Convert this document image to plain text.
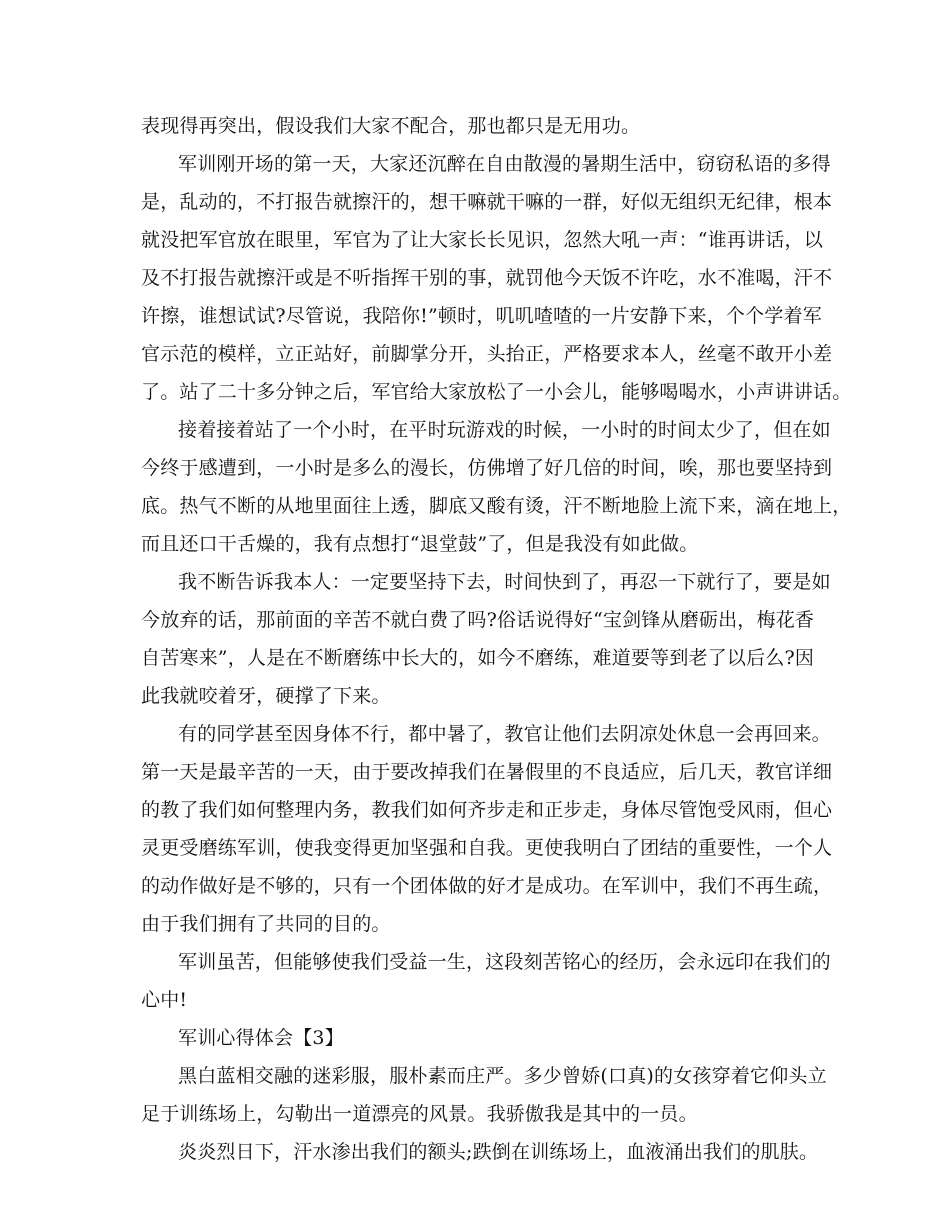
表现得再突出，假设我们大家不配合，那也都只是无用功。
军训刚开场的第一天，大家还沉醉在自由散漫的暑期生活中，窃窃私语的多得
是，乱动的，不打报告就擦汗的，想干嘛就干嘛的一群，好似无组织无纪律，根本
就没把军官放在眼里，军官为了让大家长长见识，忽然大吼一声：“谁再讲话，以
及不打报告就擦汗或是不听指挥干别的事，就罚他今天饭不许吃，水不准喝，汗不
许擦，谁想试试?尽管说，我陪你!”顿时，叽叽喳喳的一片安静下来，个个学着军
官示范的模样，立正站好，前脚掌分开，头抬正，严格要求本人，丝毫不敢开小差
了。站了二十多分钟之后，军官给大家放松了一小会儿，能够喝喝水，小声讲讲话。
接着接着站了一个小时，在平时玩游戏的时候，一小时的时间太少了，但在如
今终于感遭到，一小时是多么的漫长，仿佛增了好几倍的时间，唉，那也要坚持到
底。热气不断的从地里面往上透，脚底又酸有烫，汗不断地脸上流下来，滴在地上，
而且还口干舌燥的，我有点想打“退堂鼓”了，但是我没有如此做。
我不断告诉我本人：一定要坚持下去，时间快到了，再忍一下就行了，要是如
今放弃的话，那前面的辛苦不就白费了吗?俗话说得好“宝剑锋从磨砺出，梅花香
自苦寒来”，人是在不断磨练中长大的，如今不磨练，难道要等到老了以后么?因
此我就咬着牙，硬撑了下来。
有的同学甚至因身体不行，都中暑了，教官让他们去阴凉处休息一会再回来。
第一天是最辛苦的一天，由于要改掉我们在暑假里的不良适应，后几天，教官详细
的教了我们如何整理内务，教我们如何齐步走和正步走，身体尽管饱受风雨，但心
灵更受磨练军训，使我变得更加坚强和自我。更使我明白了团结的重要性，一个人
的动作做好是不够的，只有一个团体做的好才是成功。在军训中，我们不再生疏，
由于我们拥有了共同的目的。
军训虽苦，但能够使我们受益一生，这段刻苦铭心的经历，会永远印在我们的
心中!
军训心得体会【3】
黑白蓝相交融的迷彩服，服朴素而庄严。多少曾娇(口真)的女孩穿着它仰头立
足于训练场上，勾勒出一道漂亮的风景。我骄傲我是其中的一员。
炎炎烈日下，汗水渗出我们的额头;跌倒在训练场上，血液涌出我们的肌肤。
